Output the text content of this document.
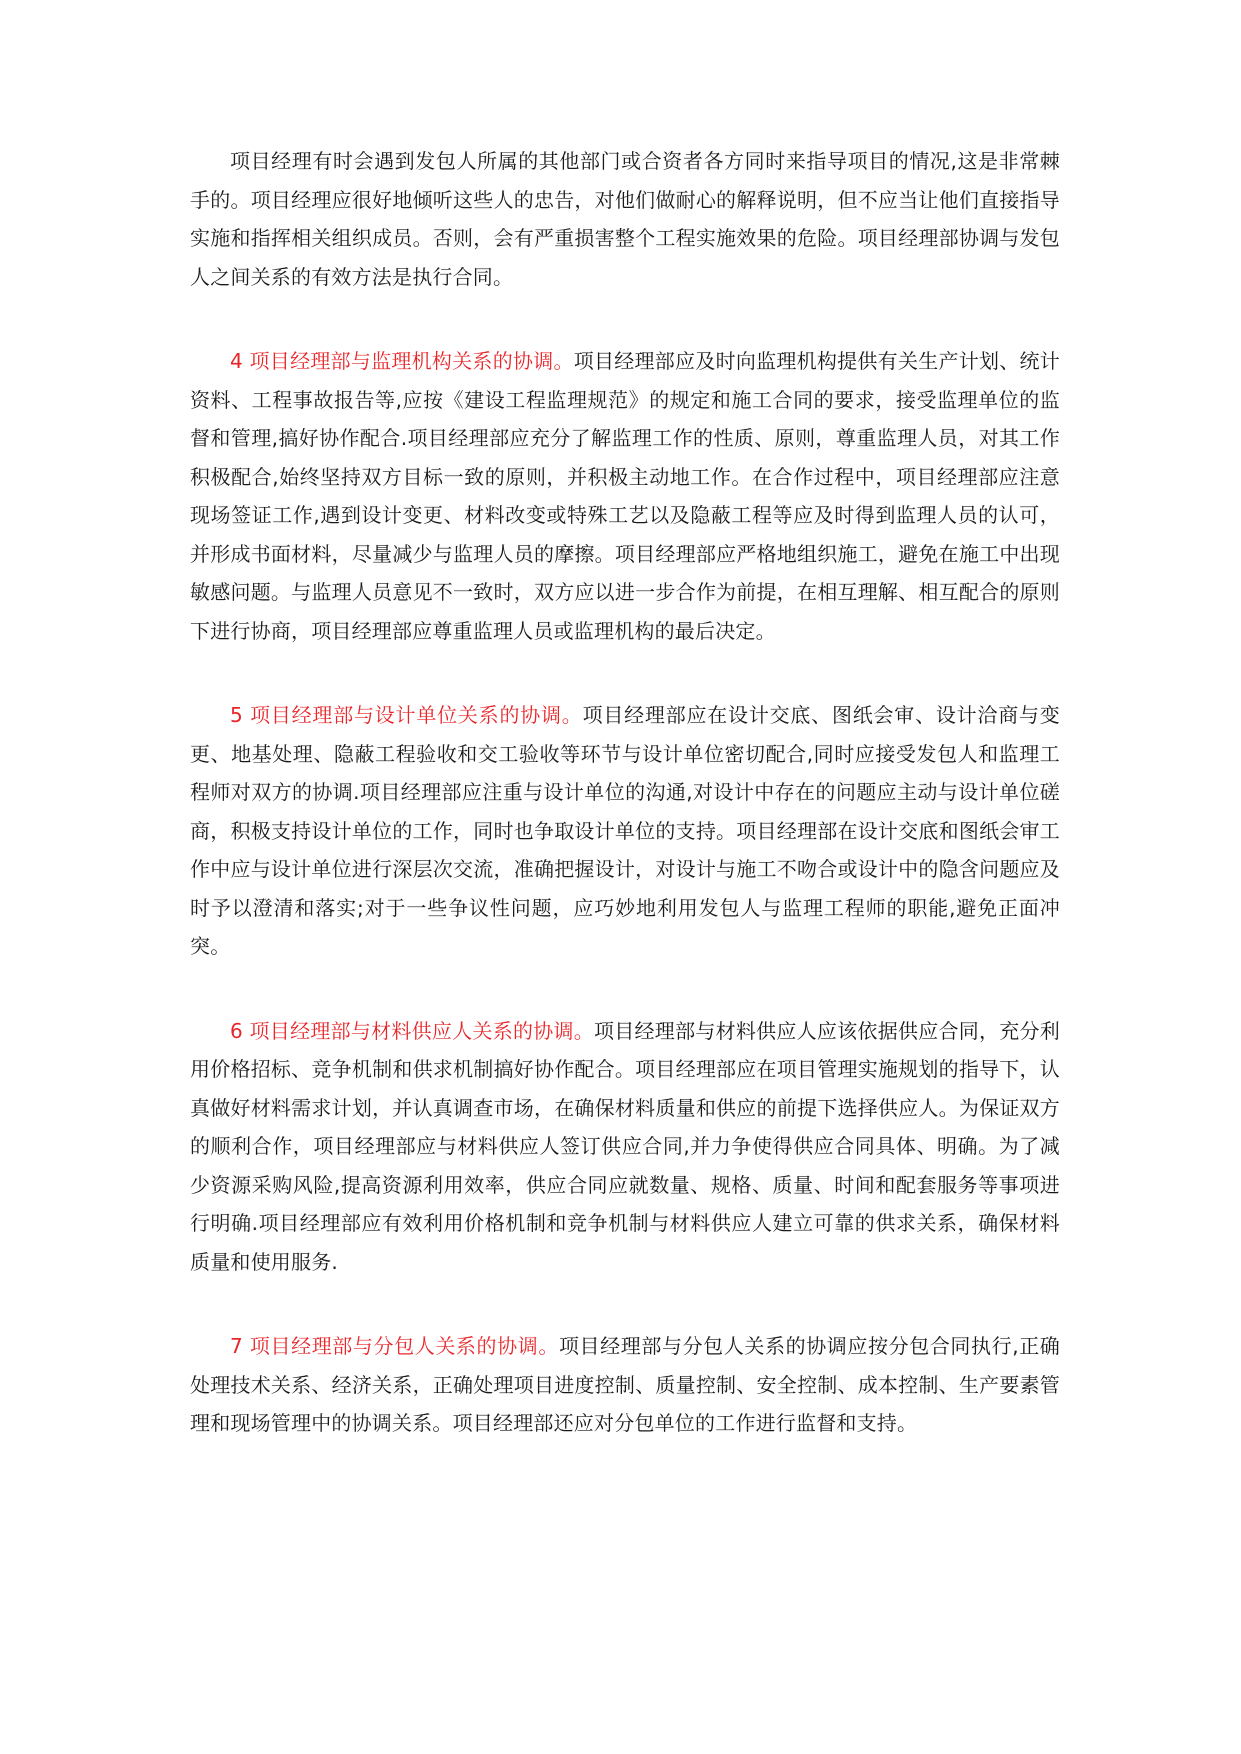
项目经理有时会遇到发包人所属的其他部门或合资者各方同时来指导项目的情况,这是非常棘手的。项目经理应很好地倾听这些人的忠告，对他们做耐心的解释说明，但不应当让他们直接指导实施和指挥相关组织成员。否则，会有严重损害整个工程实施效果的危险。项目经理部协调与发包人之间关系的有效方法是执行合同。

4 项目经理部与监理机构关系的协调。项目经理部应及时向监理机构提供有关生产计划、统计资料、工程事故报告等,应按《建设工程监理规范》的规定和施工合同的要求，接受监理单位的监督和管理,搞好协作配合.项目经理部应充分了解监理工作的性质、原则，尊重监理人员，对其工作积极配合,始终坚持双方目标一致的原则，并积极主动地工作。在合作过程中，项目经理部应注意现场签证工作,遇到设计变更、材料改变或特殊工艺以及隐蔽工程等应及时得到监理人员的认可，并形成书面材料，尽量减少与监理人员的摩擦。项目经理部应严格地组织施工，避免在施工中出现敏感问题。与监理人员意见不一致时，双方应以进一步合作为前提，在相互理解、相互配合的原则下进行协商，项目经理部应尊重监理人员或监理机构的最后决定。

5 项目经理部与设计单位关系的协调。项目经理部应在设计交底、图纸会审、设计洽商与变更、地基处理、隐蔽工程验收和交工验收等环节与设计单位密切配合,同时应接受发包人和监理工程师对双方的协调.项目经理部应注重与设计单位的沟通,对设计中存在的问题应主动与设计单位磋商，积极支持设计单位的工作，同时也争取设计单位的支持。项目经理部在设计交底和图纸会审工作中应与设计单位进行深层次交流，准确把握设计，对设计与施工不吻合或设计中的隐含问题应及时予以澄清和落实;对于一些争议性问题，应巧妙地利用发包人与监理工程师的职能,避免正面冲突。

6 项目经理部与材料供应人关系的协调。项目经理部与材料供应人应该依据供应合同，充分利用价格招标、竞争机制和供求机制搞好协作配合。项目经理部应在项目管理实施规划的指导下，认真做好材料需求计划，并认真调查市场，在确保材料质量和供应的前提下选择供应人。为保证双方的顺利合作，项目经理部应与材料供应人签订供应合同,并力争使得供应合同具体、明确。为了减少资源采购风险,提高资源利用效率，供应合同应就数量、规格、质量、时间和配套服务等事项进行明确.项目经理部应有效利用价格机制和竞争机制与材料供应人建立可靠的供求关系，确保材料质量和使用服务.

7 项目经理部与分包人关系的协调。项目经理部与分包人关系的协调应按分包合同执行,正确处理技术关系、经济关系，正确处理项目进度控制、质量控制、安全控制、成本控制、生产要素管理和现场管理中的协调关系。项目经理部还应对分包单位的工作进行监督和支持。
